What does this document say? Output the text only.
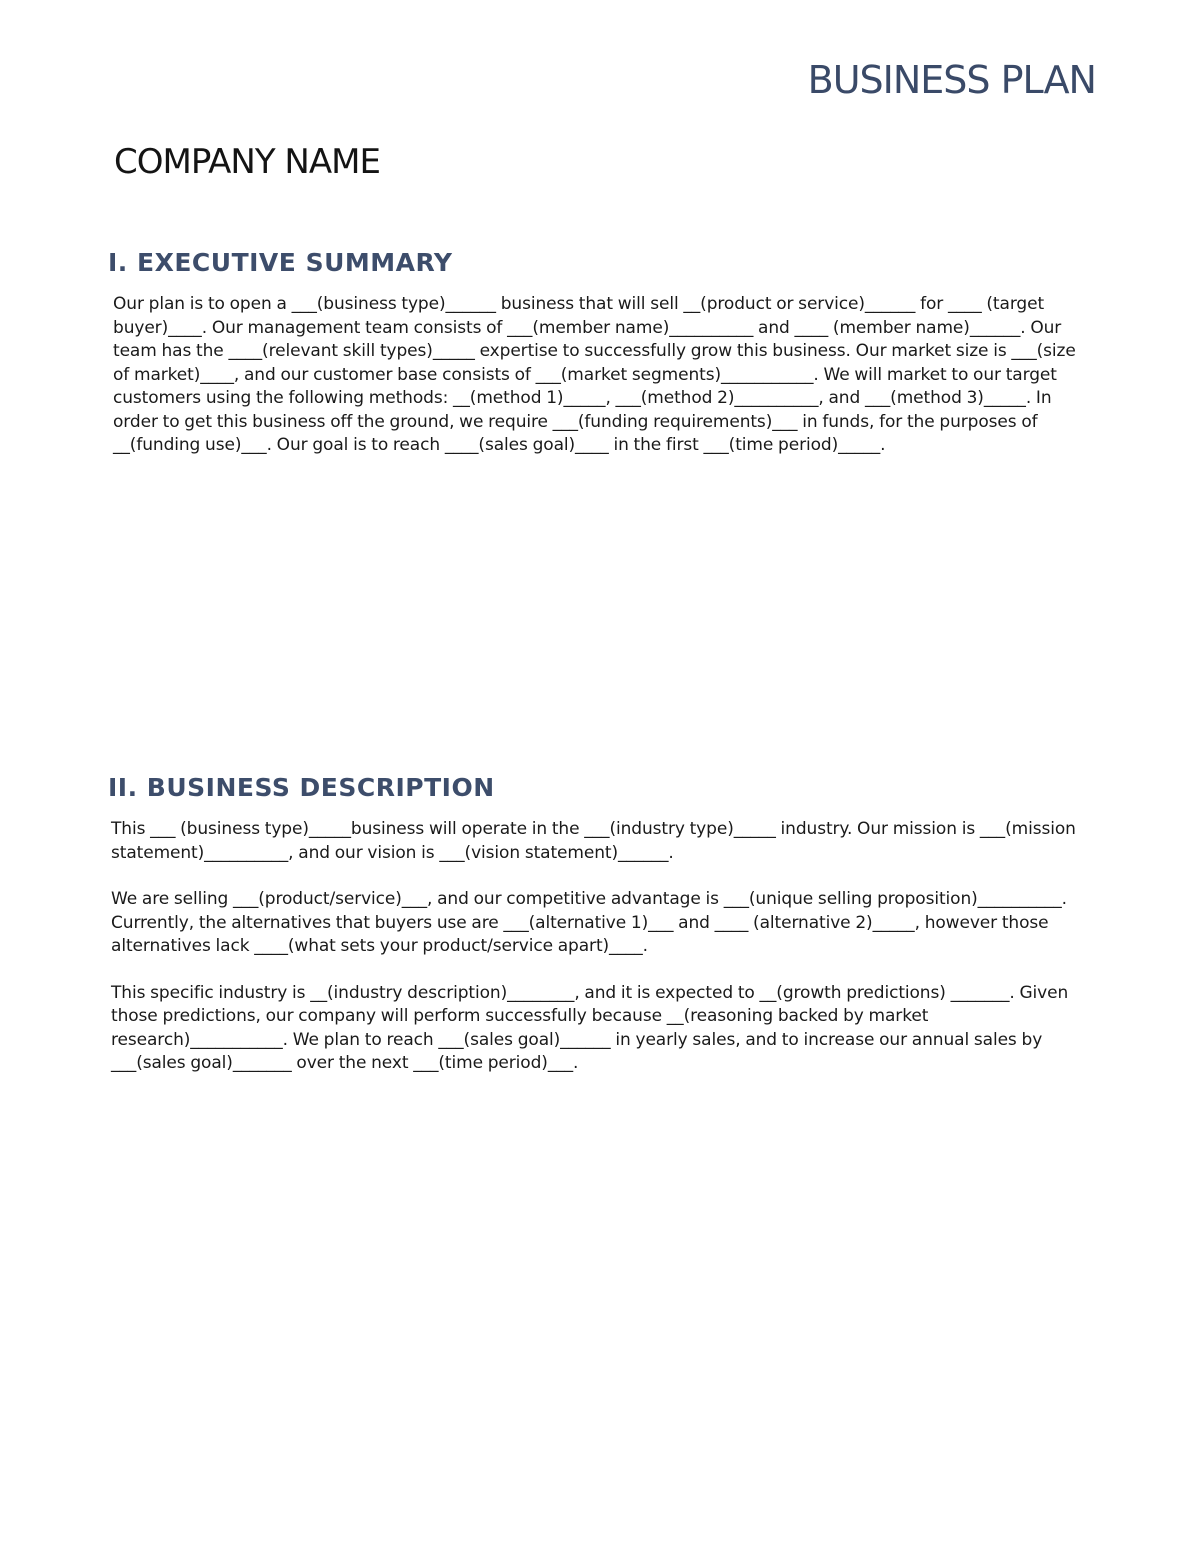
BUSINESS PLAN
COMPANY NAME
I. EXECUTIVE SUMMARY

Our plan is to open a ___(business type)______ business that will sell __(product or service)______ for ____ (target buyer)____. Our management team consists of ___(member name)__________ and ____ (member name)______. Our team has the ____(relevant skill types)_____ expertise to successfully grow this business. Our market size is ___(size of market)____, and our customer base consists of ___(market segments)___________. We will market to our target customers using the following methods: __(method 1)_____, ___(method 2)__________, and ___(method 3)_____. In order to get this business off the ground, we require ___(funding requirements)___ in funds, for the purposes of __(funding use)___. Our goal is to reach ____(sales goal)____ in the first ___(time period)_____.

II. BUSINESS DESCRIPTION

This ___ (business type)_____business will operate in the ___(industry type)_____ industry. Our mission is ___(mission statement)__________, and our vision is ___(vision statement)______.

We are selling ___(product/service)___, and our competitive advantage is ___(unique selling proposition)__________. Currently, the alternatives that buyers use are ___(alternative 1)___ and ____ (alternative 2)_____, however those alternatives lack ____(what sets your product/service apart)____.

This specific industry is __(industry description)________, and it is expected to __(growth predictions) _______. Given those predictions, our company will perform successfully because __(reasoning backed by market research)___________. We plan to reach ___(sales goal)______ in yearly sales, and to increase our annual sales by ___(sales goal)_______ over the next ___(time period)___.
